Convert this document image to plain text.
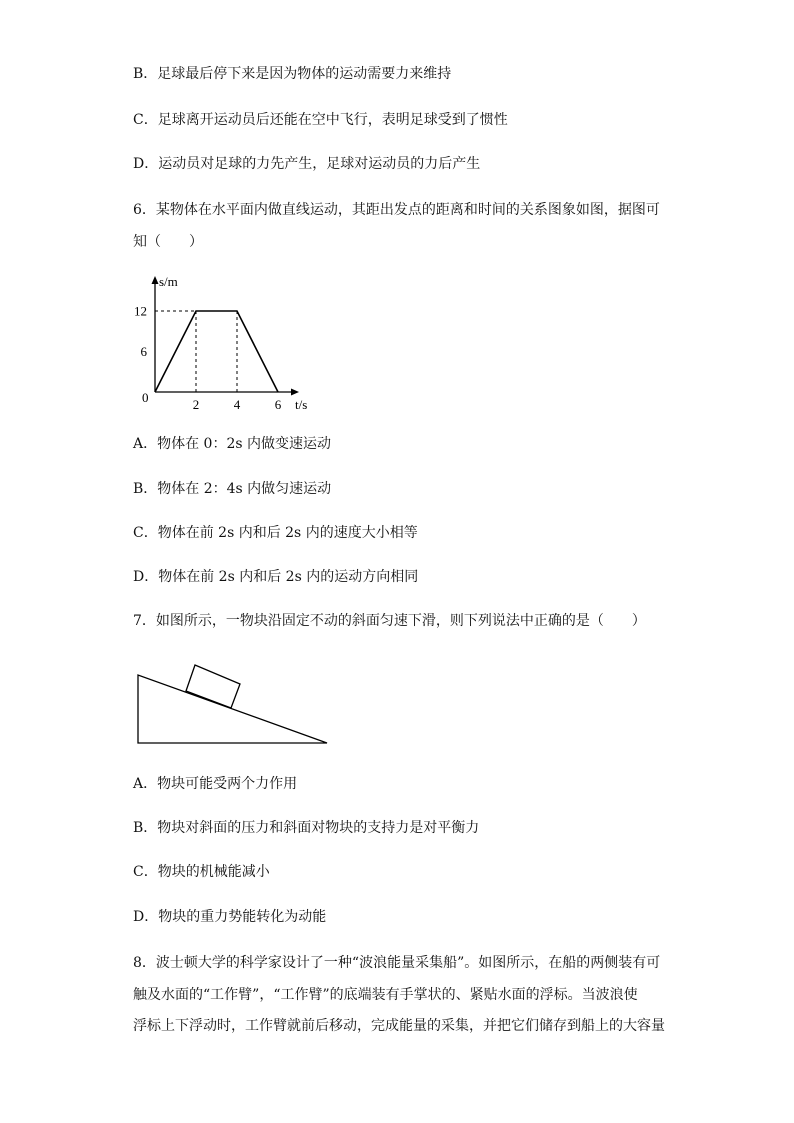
B．足球最后停下来是因为物体的运动需要力来维持
C．足球离开运动员后还能在空中飞行，表明足球受到了惯性
D．运动员对足球的力先产生，足球对运动员的力后产生
6．某物体在水平面内做直线运动，其距出发点的距离和时间的关系图象如图，据图可
知（　　）
s/m
t/s
0	2	4	6
12
6
A．物体在 0：2s 内做变速运动
B．物体在 2：4s 内做匀速运动
C．物体在前 2s 内和后 2s 内的速度大小相等
D．物体在前 2s 内和后 2s 内的运动方向相同
7．如图所示，一物块沿固定不动的斜面匀速下滑，则下列说法中正确的是（　　）
A．物块可能受两个力作用
B．物块对斜面的压力和斜面对物块的支持力是对平衡力
C．物块的机械能减小
D．物块的重力势能转化为动能
8．波士顿大学的科学家设计了一种“波浪能量采集船”。如图所示，在船的两侧装有可
触及水面的“工作臂”，“工作臂”的底端装有手掌状的、紧贴水面的浮标。当波浪使
浮标上下浮动时，工作臂就前后移动，完成能量的采集，并把它们储存到船上的大容量
